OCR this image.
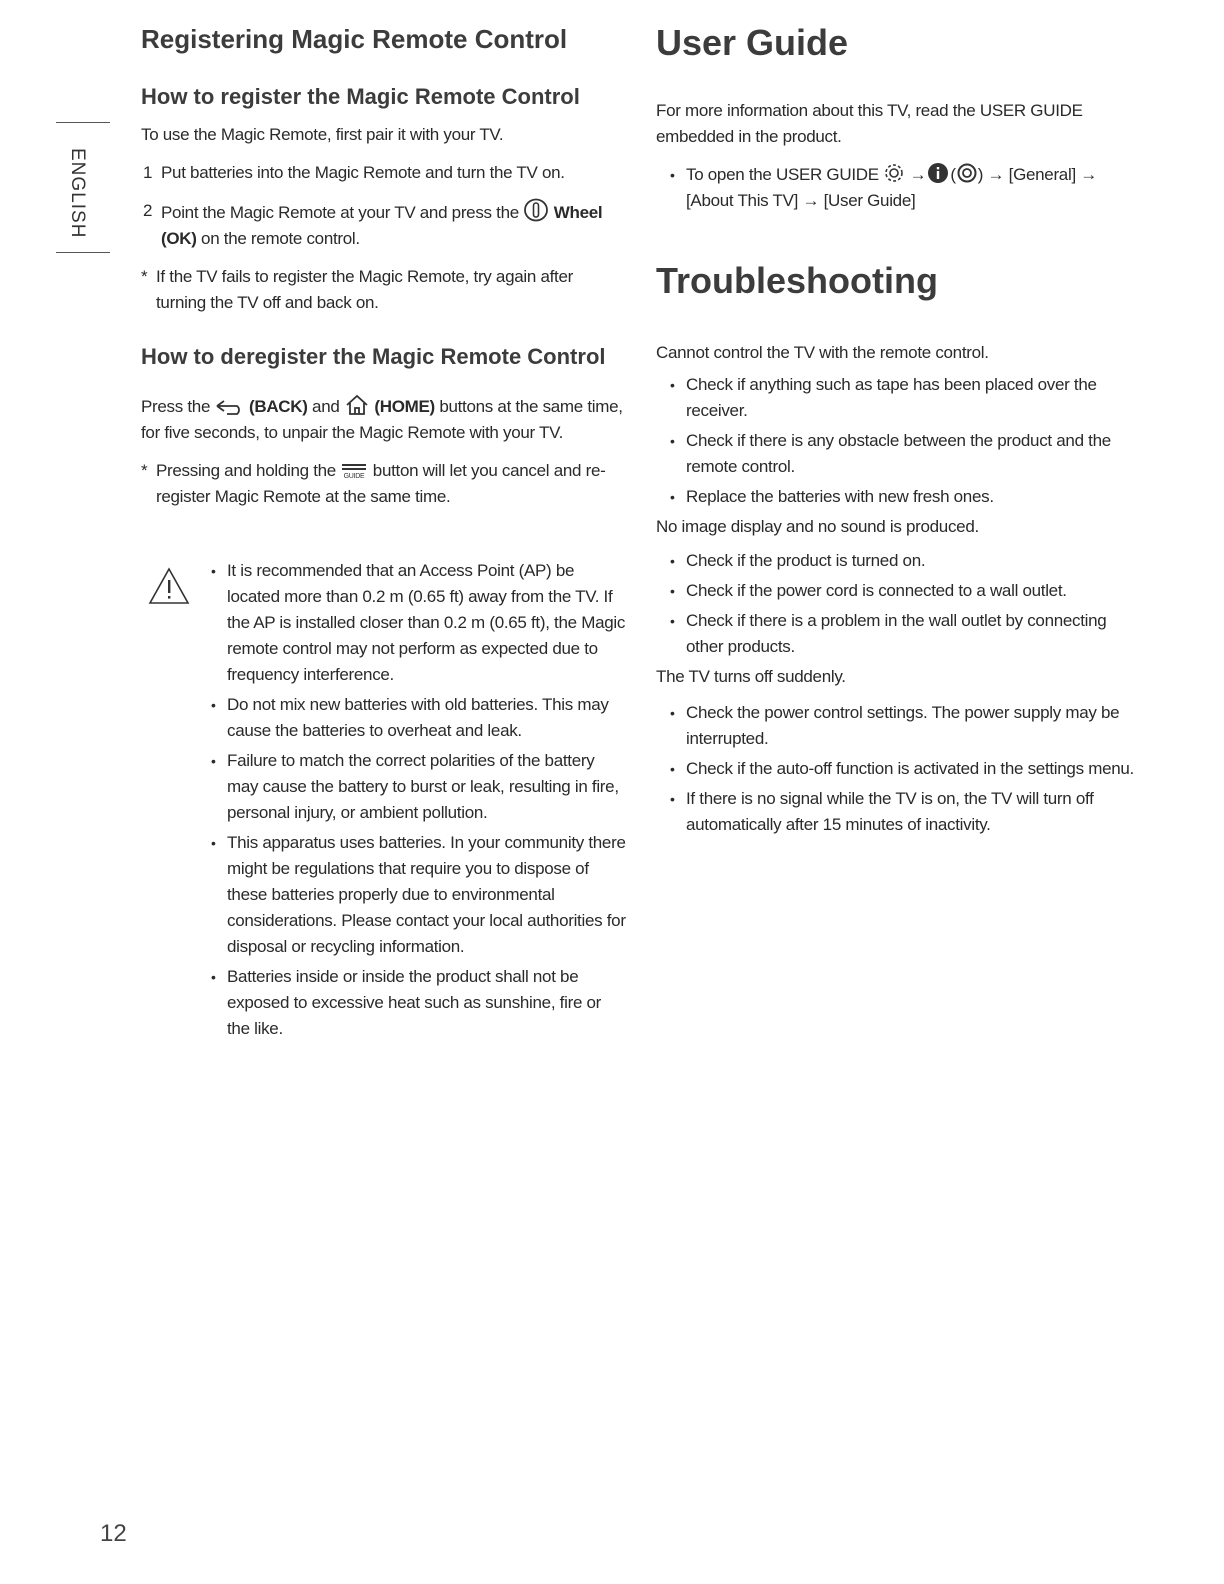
ENGLISH
Registering Magic Remote Control
How to register the Magic Remote Control

To use the Magic Remote, first pair it with your TV.

1 Put batteries into the Magic Remote and turn the TV on.

2 Point the Magic Remote at your TV and press the  Wheel (OK) on the remote control.

* If the TV fails to register the Magic Remote, try again after turning the TV off and back on.

How to deregister the Magic Remote Control

Press the  (BACK) and  (HOME) buttons at the same time, for five seconds, to unpair the Magic Remote with your TV.

* Pressing and holding the GUIDE button will let you cancel and re-register Magic Remote at the same time.

• It is recommended that an Access Point (AP) be located more than 0.2 m (0.65 ft) away from the TV. If the AP is installed closer than 0.2 m (0.65 ft), the Magic remote control may not perform as expected due to frequency interference.
• Do not mix new batteries with old batteries. This may cause the batteries to overheat and leak.
• Failure to match the correct polarities of the battery may cause the battery to burst or leak, resulting in fire, personal injury, or ambient pollution.
• This apparatus uses batteries. In your community there might be regulations that require you to dispose of these batteries properly due to environmental considerations. Please contact your local authorities for disposal or recycling information.
• Batteries inside or inside the product shall not be exposed to excessive heat such as sunshine, fire or the like.
User Guide

For more information about this TV, read the USER GUIDE embedded in the product.

• To open the USER GUIDE  → ( ) → [General] → [About This TV] → [User Guide]
Troubleshooting

Cannot control the TV with the remote control.

• Check if anything such as tape has been placed over the receiver.
• Check if there is any obstacle between the product and the remote control.
• Replace the batteries with new fresh ones.

No image display and no sound is produced.

• Check if the product is turned on.
• Check if the power cord is connected to a wall outlet.
• Check if there is a problem in the wall outlet by connecting other products.

The TV turns off suddenly.

• Check the power control settings. The power supply may be interrupted.
• Check if the auto-off function is activated in the settings menu.
• If there is no signal while the TV is on, the TV will turn off automatically after 15 minutes of inactivity.
12
